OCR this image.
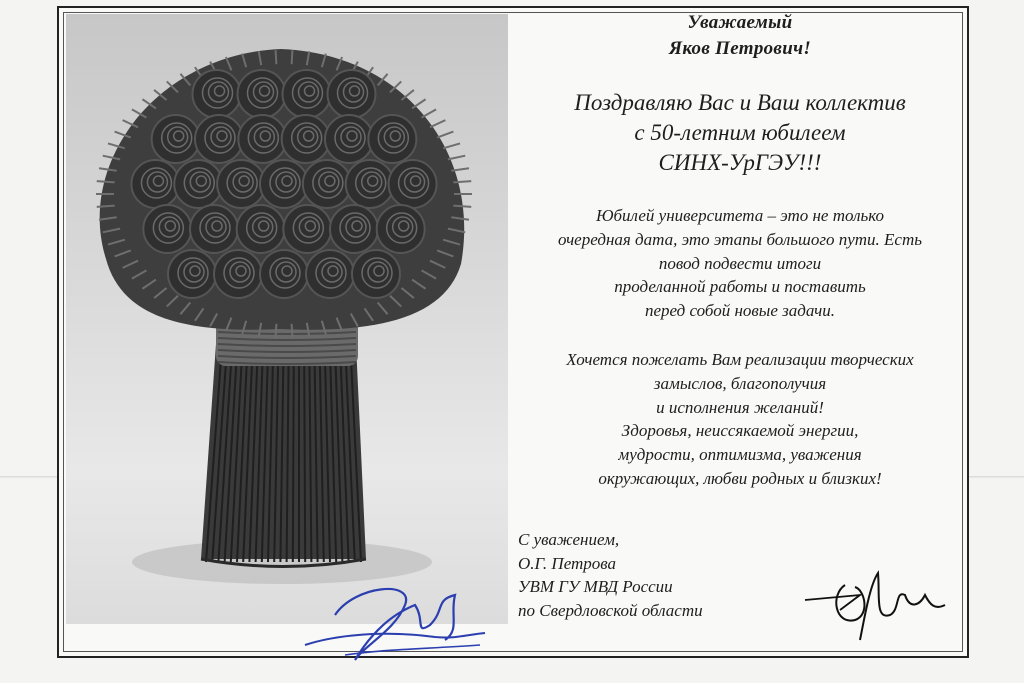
Уважаемый
Яков Петрович!
Поздравляю Вас и Ваш коллектив
с 50-летним юбилеем
СИНХ-УрГЭУ!!!
Юбилей университета – это не только
очередная дата, это этапы большого пути. Есть
повод подвести итоги
проделанной работы и поставить
перед собой новые задачи.
Хочется пожелать Вам реализации творческих
замыслов, благополучия
и исполнения желаний!
Здоровья, неиссякаемой энергии,
мудрости, оптимизма, уважения
окружающих, любви родных и близких!
С уважением,
О.Г. Петрова
УВМ ГУ МВД России
по Свердловской области
